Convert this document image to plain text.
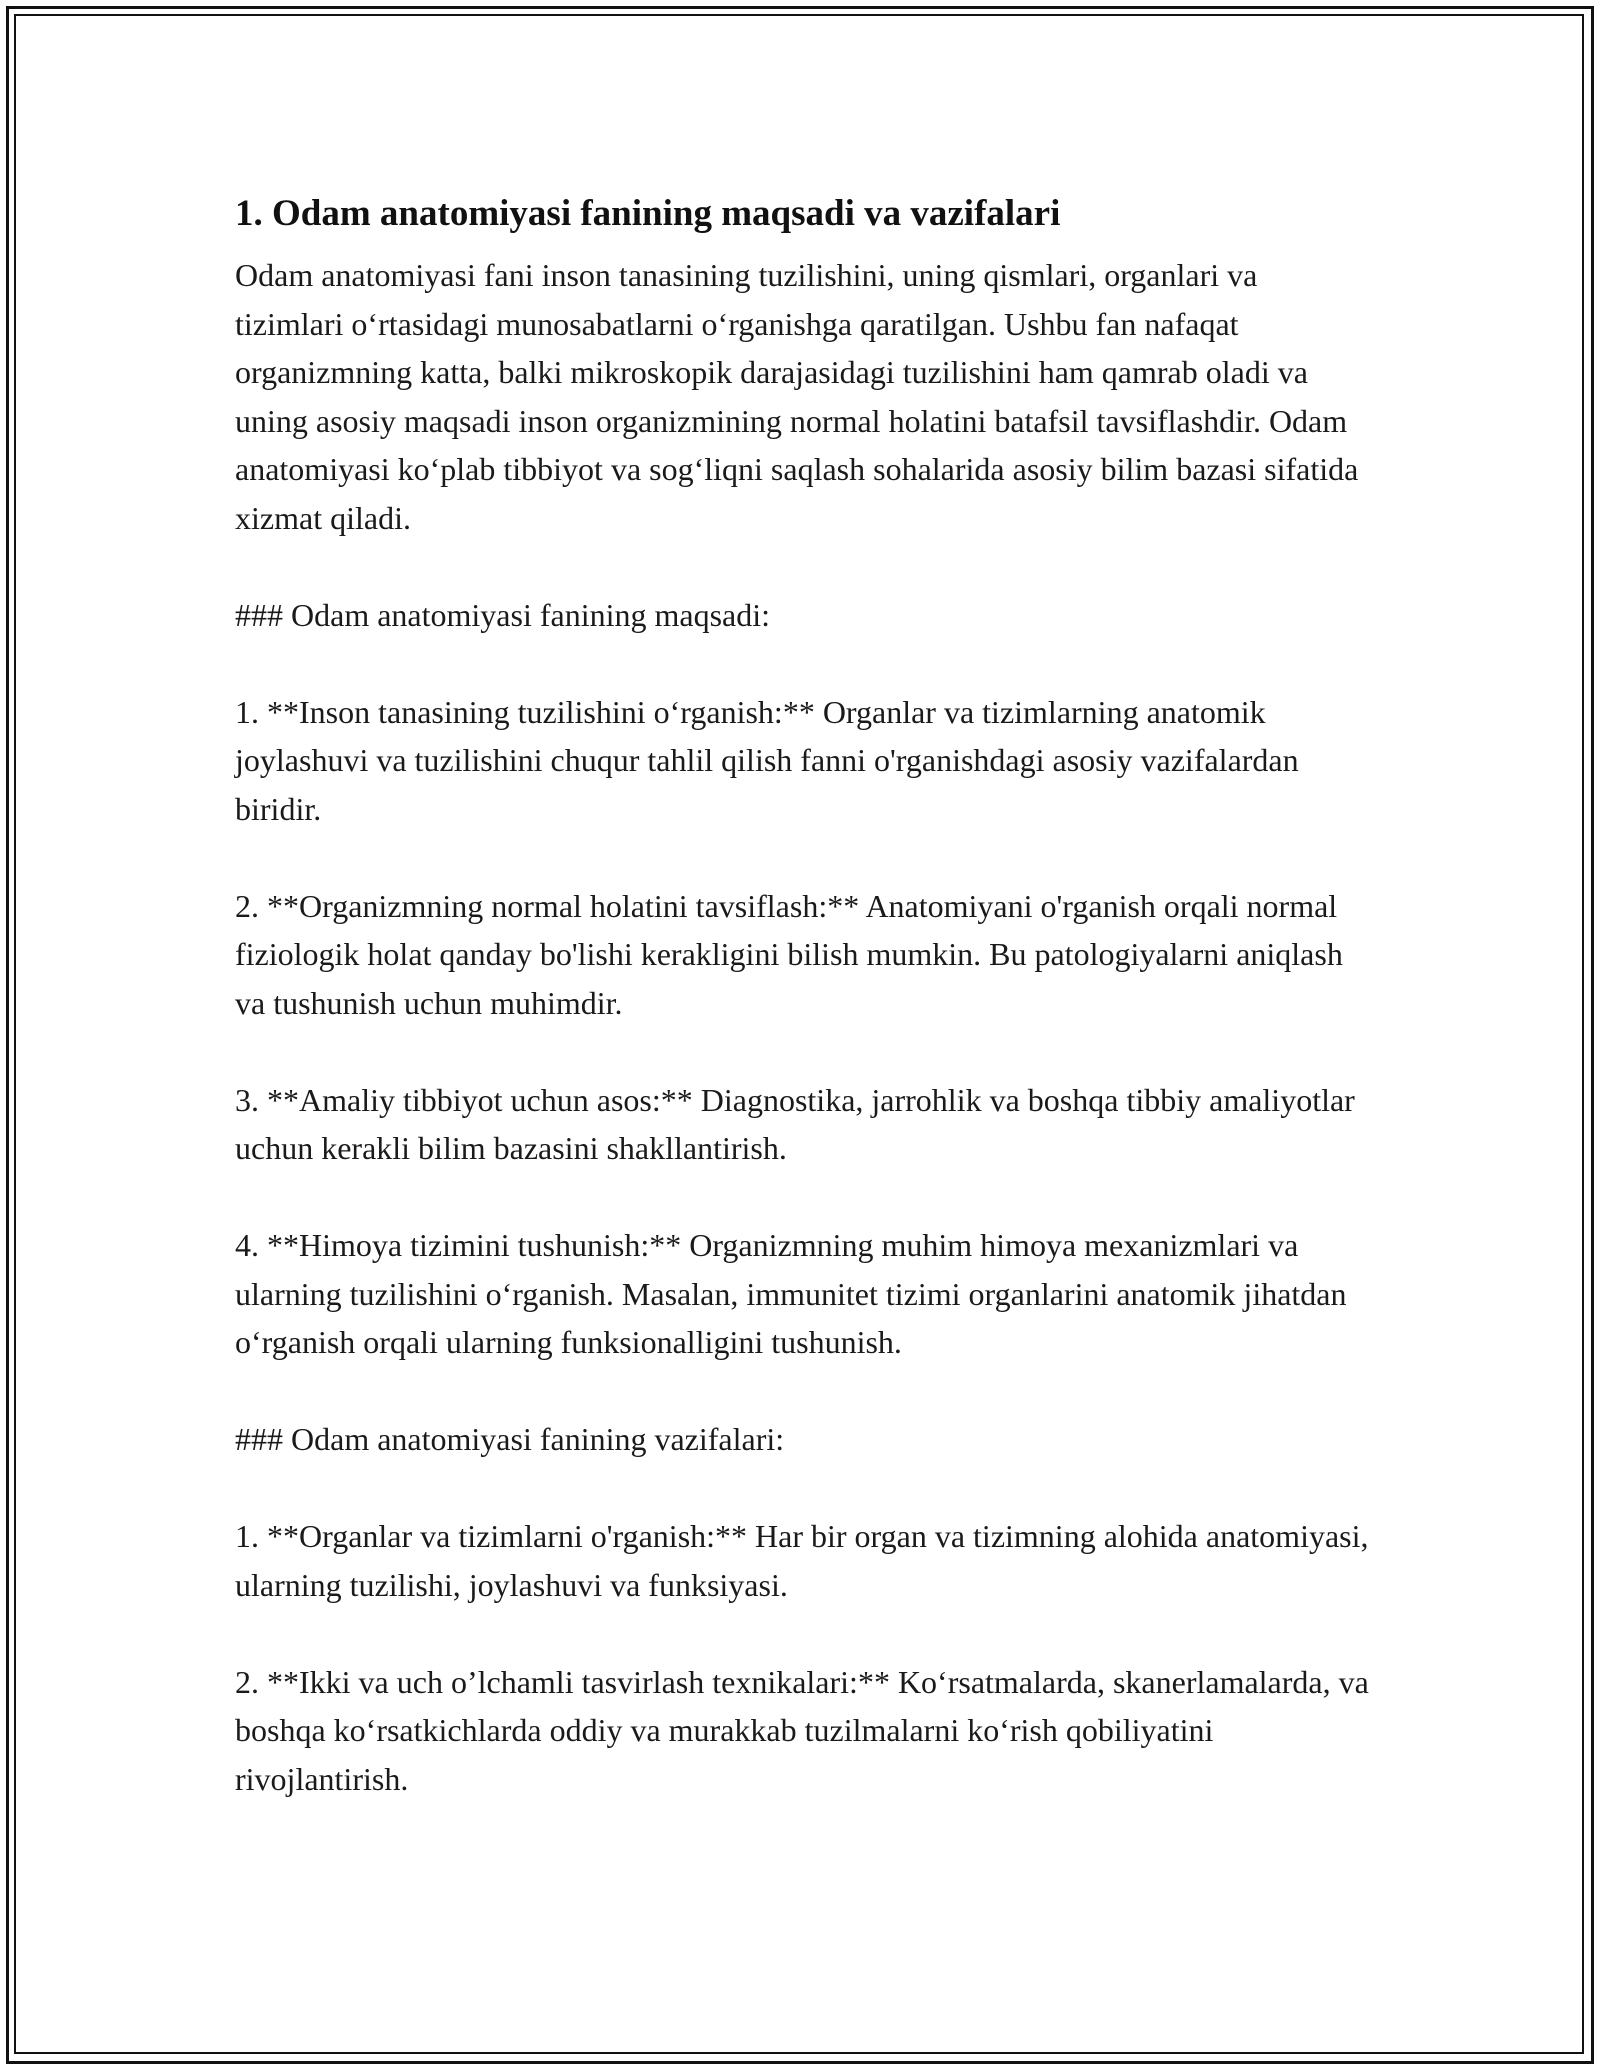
1. Odam anatomiyasi fanining maqsadi va vazifalari

Odam anatomiyasi fani inson tanasining tuzilishini, uning qismlari, organlari va tizimlari o‘rtasidagi munosabatlarni o‘rganishga qaratilgan. Ushbu fan nafaqat organizmning katta, balki mikroskopik darajasidagi tuzilishini ham qamrab oladi va uning asosiy maqsadi inson organizmining normal holatini batafsil tavsiflashdir. Odam anatomiyasi ko‘plab tibbiyot va sog‘liqni saqlash sohalarida asosiy bilim bazasi sifatida xizmat qiladi.

### Odam anatomiyasi fanining maqsadi:

1. **Inson tanasining tuzilishini o‘rganish:** Organlar va tizimlarning anatomik joylashuvi va tuzilishini chuqur tahlil qilish fanni o'rganishdagi asosiy vazifalardan biridir.

2. **Organizmning normal holatini tavsiflash:** Anatomiyani o'rganish orqali normal fiziologik holat qanday bo'lishi kerakligini bilish mumkin. Bu patologiyalarni aniqlash va tushunish uchun muhimdir.

3. **Amaliy tibbiyot uchun asos:** Diagnostika, jarrohlik va boshqa tibbiy amaliyotlar uchun kerakli bilim bazasini shakllantirish.

4. **Himoya tizimini tushunish:** Organizmning muhim himoya mexanizmlari va ularning tuzilishini o‘rganish. Masalan, immunitet tizimi organlarini anatomik jihatdan o‘rganish orqali ularning funksionalligini tushunish.

### Odam anatomiyasi fanining vazifalari:

1. **Organlar va tizimlarni o'rganish:** Har bir organ va tizimning alohida anatomiyasi, ularning tuzilishi, joylashuvi va funksiyasi.

2. **Ikki va uch o’lchamli tasvirlash texnikalari:** Ko‘rsatmalarda, skanerlamalarda, va boshqa ko‘rsatkichlarda oddiy va murakkab tuzilmalarni ko‘rish qobiliyatini rivojlantirish.
